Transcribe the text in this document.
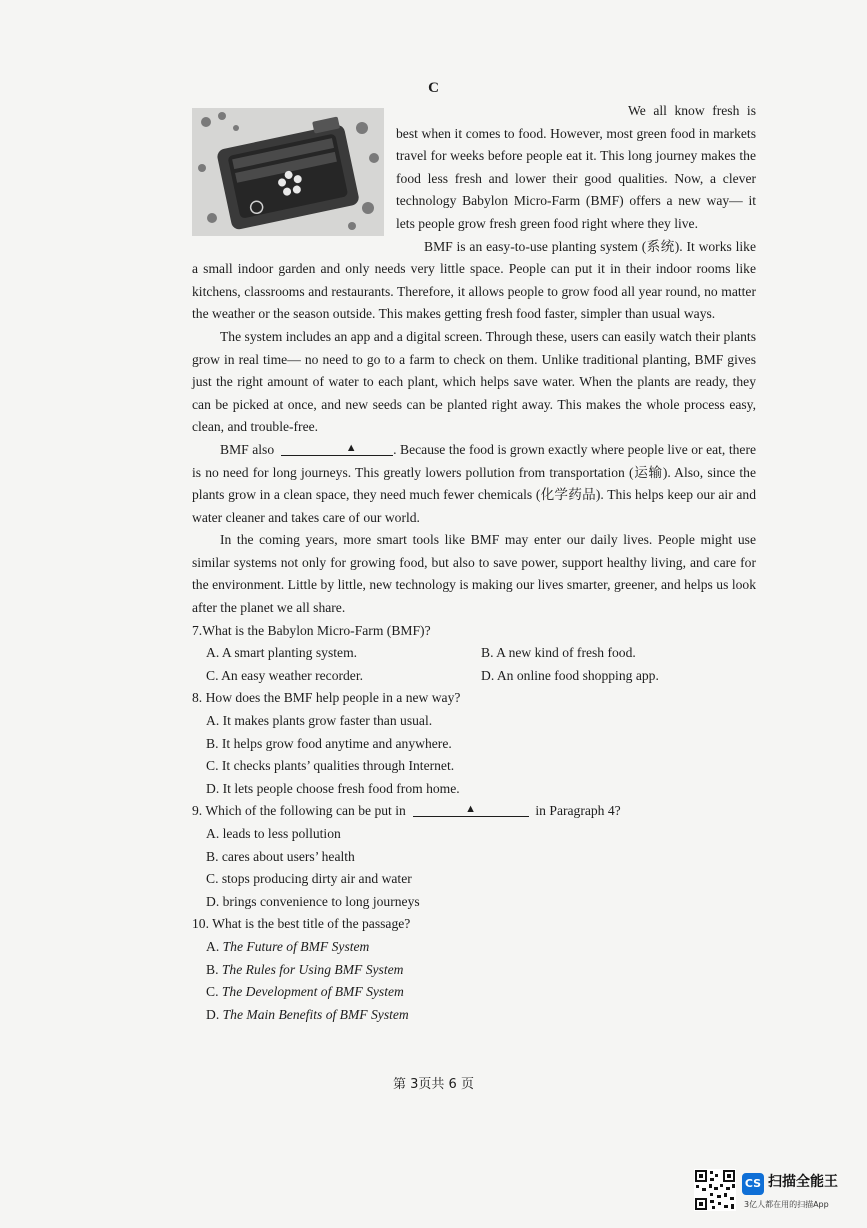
C

We all know fresh is best when it comes to food. However, most green food in markets travel for weeks before people eat it. This long journey makes the food less fresh and lower their good qualities. Now, a clever technology Babylon Micro-Farm (BMF) offers a new way— it lets people grow fresh green food right where they live.

BMF is an easy-to-use planting system (系统). It works like a small indoor garden and only needs very little space. People can put it in their indoor rooms like kitchens, classrooms and restaurants. Therefore, it allows people to grow food all year round, no matter the weather or the season outside. This makes getting fresh food faster, simpler than usual ways.

The system includes an app and a digital screen. Through these, users can easily watch their plants grow in real time— no need to go to a farm to check on them. Unlike traditional planting, BMF gives just the right amount of water to each plant, which helps save water. When the plants are ready, they can be picked at once, and new seeds can be planted right away. This makes the whole process easy, clean, and trouble-free.

BMF also	▲	. Because the food is grown exactly where people live or eat, there is no need for long journeys. This greatly lowers pollution from transportation (运输). Also, since the plants grow in a clean space, they need much fewer chemicals (化学药品). This helps keep our air and water cleaner and takes care of our world.

In the coming years, more smart tools like BMF may enter our daily lives. People might use similar systems not only for growing food, but also to save power, support healthy living, and care for the environment. Little by little, new technology is making our lives smarter, greener, and helps us look after the planet we all share.

7.What is the Babylon Micro-Farm (BMF)?

A. A smart planting system.	B. A new kind of fresh food.

C. An easy weather recorder.	D. An online food shopping app.

8. How does the BMF help people in a new way?

A. It makes plants grow faster than usual.

B. It helps grow food anytime and anywhere.

C. It checks plants’ qualities through Internet.

D. It lets people choose fresh food from home.

9. Which of the following can be put in	▲	in Paragraph 4?

A. leads to less pollution

B. cares about users’ health

C. stops producing dirty air and water

D. brings convenience to long journeys

10. What is the best title of the passage?

A. The Future of BMF System

B. The Rules for Using BMF System

C. The Development of BMF System

D. The Main Benefits of BMF System

第 3页共 6 页
CS 扫描全能王
3亿人都在用的扫描App
